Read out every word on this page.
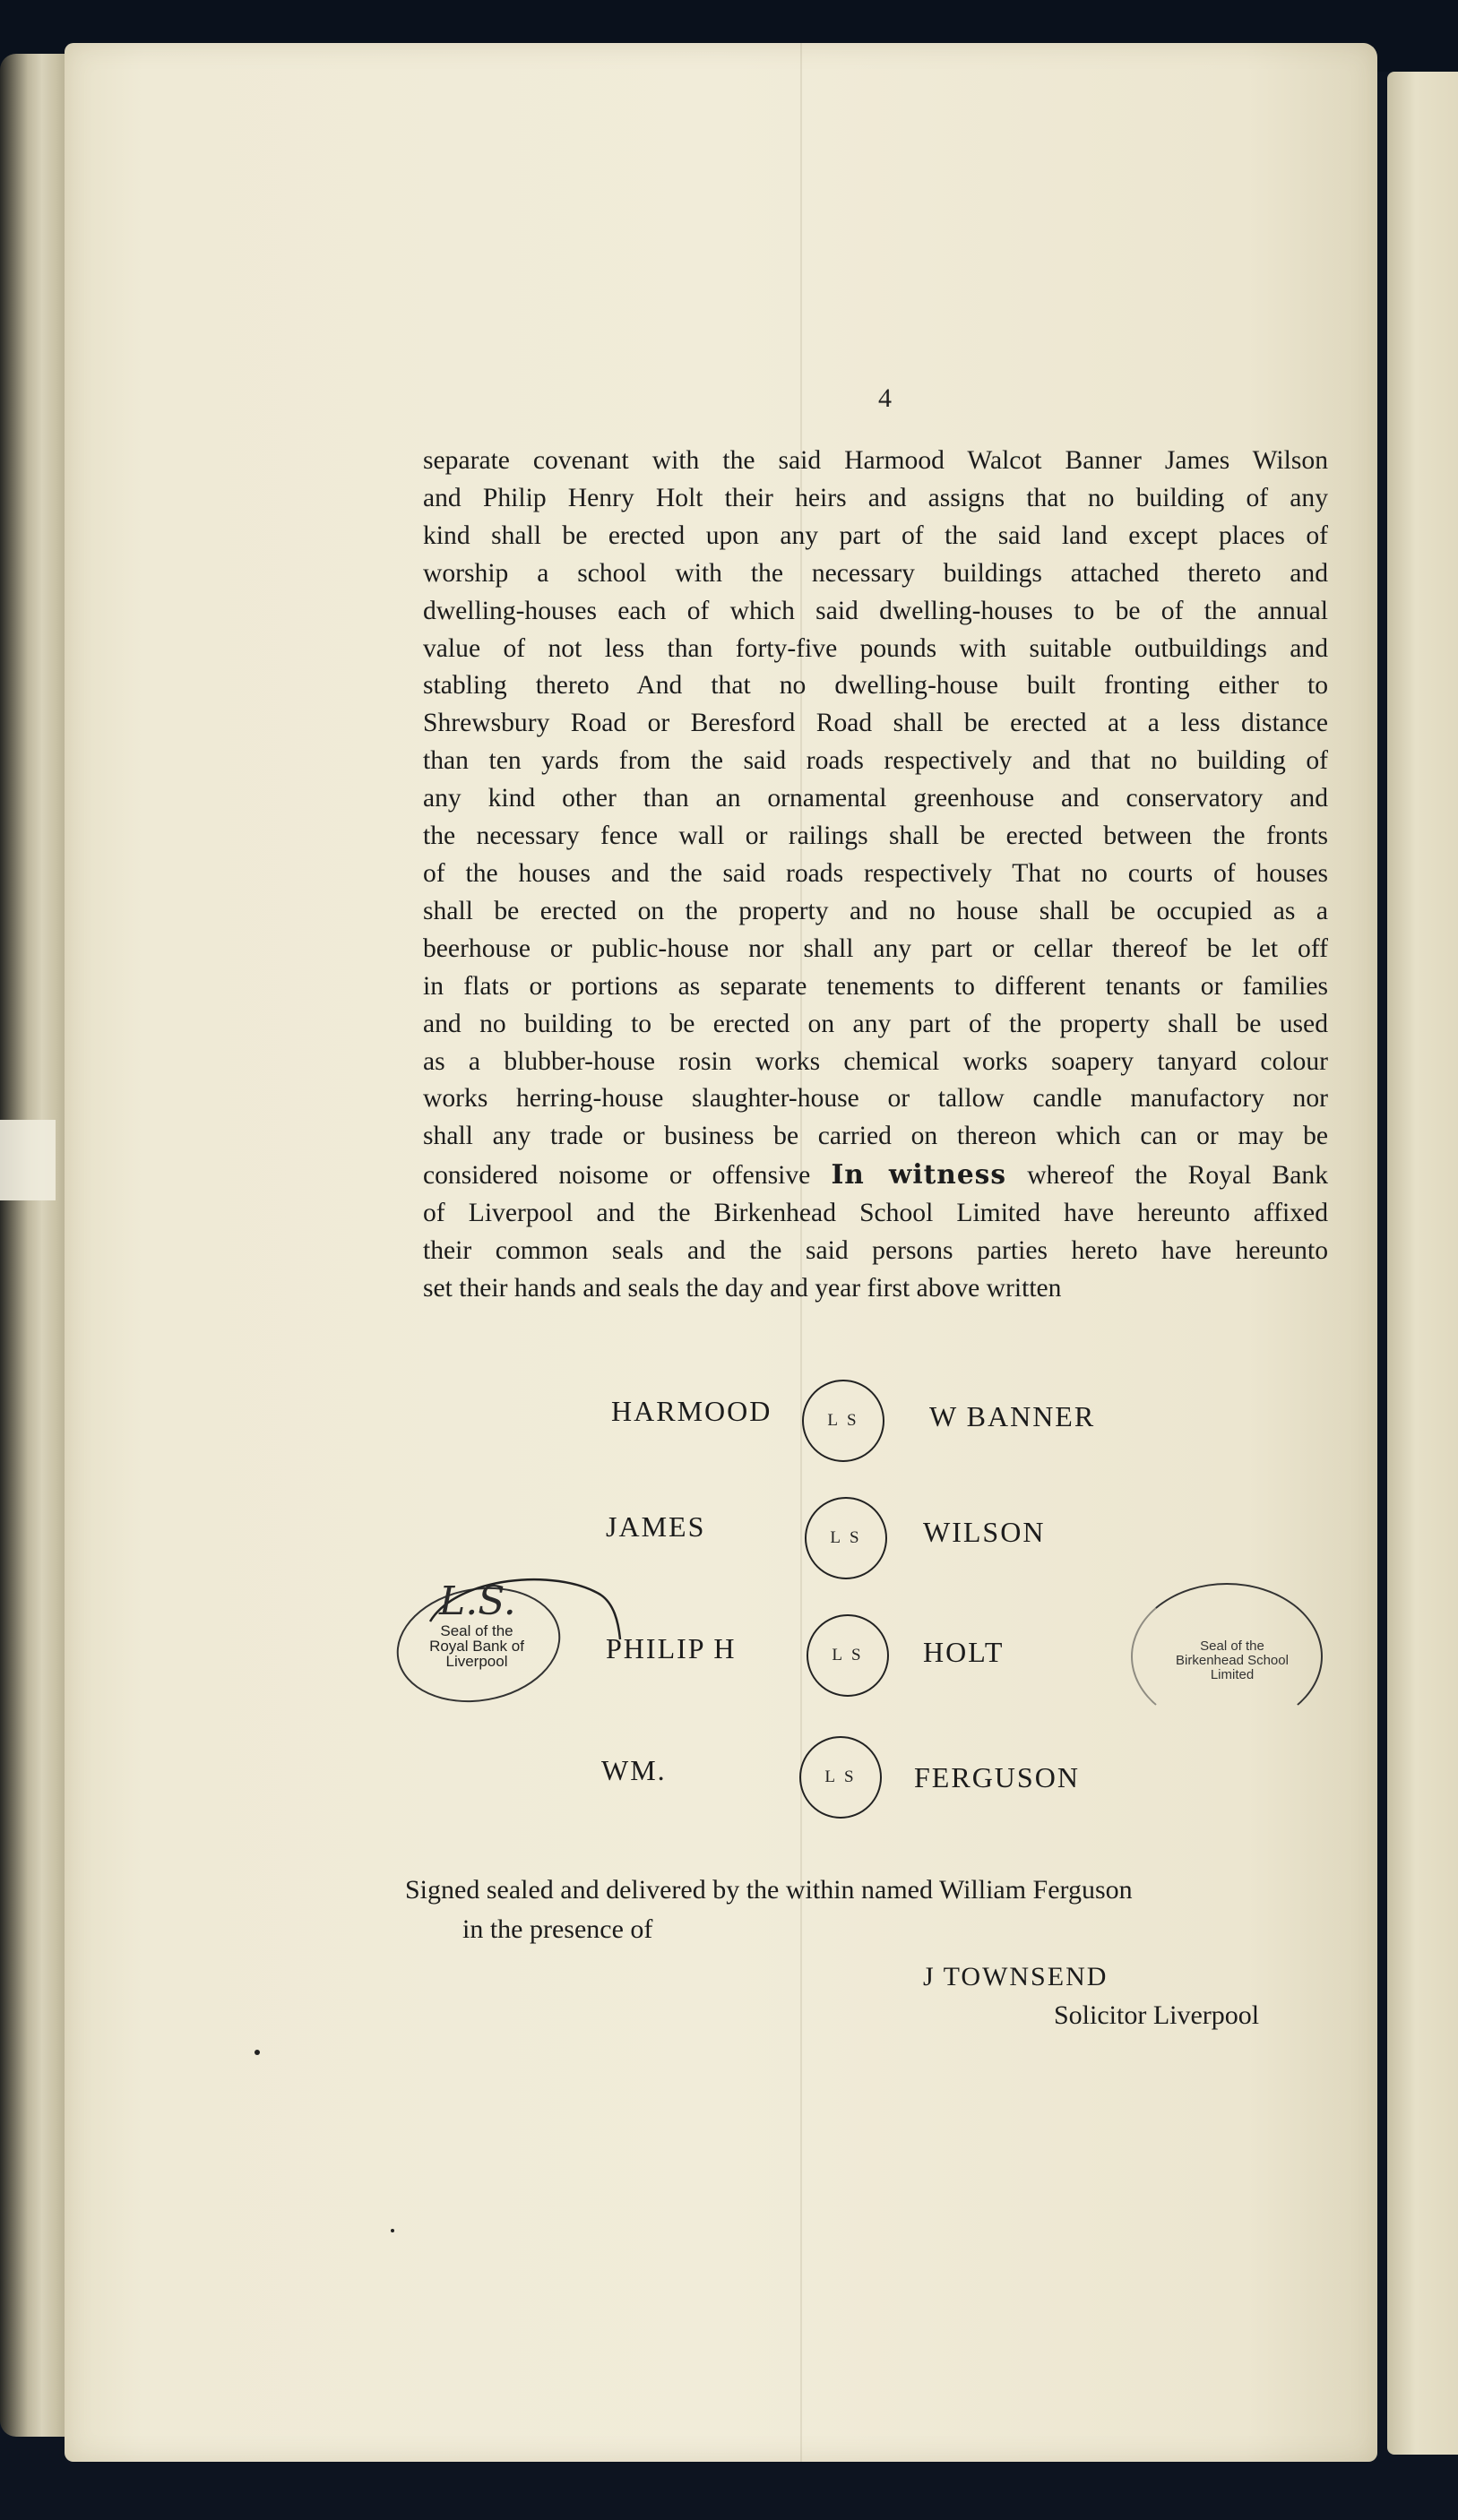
4
separate covenant with the said Harmood Walcot Banner James Wilson
and Philip Henry Holt their heirs and assigns that no building of any
kind shall be erected upon any part of the said land except places of
worship a school with the necessary buildings attached thereto and
dwelling-houses each of which said dwelling-houses to be of the annual
value of not less than forty-five pounds with suitable outbuildings and
stabling thereto And that no dwelling-house built fronting either to
Shrewsbury Road or Beresford Road shall be erected at a less distance
than ten yards from the said roads respectively and that no building of
any kind other than an ornamental greenhouse and conservatory and
the necessary fence wall or railings shall be erected between the fronts
of the houses and the said roads respectively That no courts of houses
shall be erected on the property and no house shall be occupied as a
beerhouse or public-house nor shall any part or cellar thereof be let off
in flats or portions as separate tenements to different tenants or families
and no building to be erected on any part of the property shall be used
as a blubber-house rosin works chemical works soapery tanyard colour
works herring-house slaughter-house or tallow candle manufactory nor
shall any trade or business be carried on thereon which can or may be
considered noisome or offensive In witness whereof the Royal Bank
of Liverpool and the Birkenhead School Limited have hereunto affixed
their common seals and the said persons parties hereto have hereunto
set their hands and seals the day and year first above written
HARMOOD	L S W BANNER
JAMES	L S WILSON
PHILIP H	L S HOLT
WM.	L S FERGUSON
L.S.
Seal of the
Royal Bank of
Liverpool
Seal of the
Birkenhead School
Limited
Signed sealed and delivered by the within named William Ferguson
in the presence of
J TOWNSEND
Solicitor Liverpool
